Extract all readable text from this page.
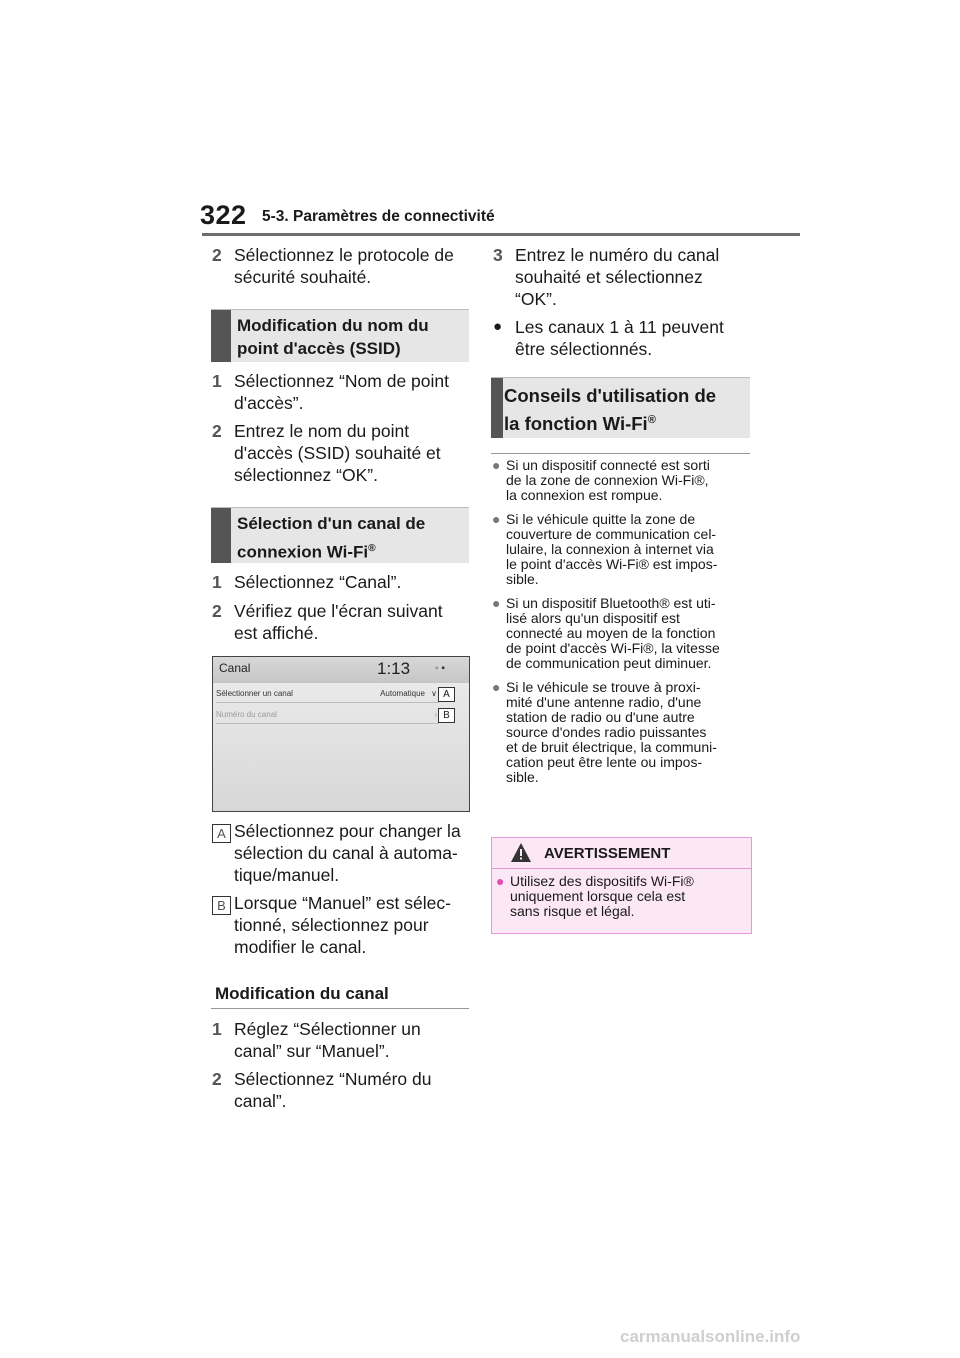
322 5-3. Paramètres de connectivité
2 Sélectionnez le protocole de
sécurité souhaité.
Modification du nom du
point d'accès (SSID)
1 Sélectionnez “Nom de point
d'accès”.
2 Entrez le nom du point
d'accès (SSID) souhaité et
sélectionnez “OK”.
Sélection d'un canal de
connexion Wi-Fi®
1 Sélectionnez “Canal”.
2 Vérifiez que l'écran suivant
est affiché.
Canal	1:13 ◦ ▪
Sélectionner un canal	Automatique ∨
Numéro du canal	›
A
B
A Sélectionnez pour changer la
sélection du canal à automa-
tique/manuel.
B Lorsque “Manuel” est sélec-
tionné, sélectionnez pour
modifier le canal.
Modification du canal
1 Réglez “Sélectionner un
canal” sur “Manuel”.
2 Sélectionnez “Numéro du
canal”.
3 Entrez le numéro du canal
souhaité et sélectionnez
“OK”.
● Les canaux 1 à 11 peuvent
être sélectionnés.
Conseils d'utilisation de
la fonction Wi-Fi®
● Si un dispositif connecté est sorti
de la zone de connexion Wi-Fi®,
la connexion est rompue.
● Si le véhicule quitte la zone de
couverture de communication cel-
lulaire, la connexion à internet via
le point d'accès Wi-Fi® est impos-
sible.
● Si un dispositif Bluetooth® est uti-
lisé alors qu'un dispositif est
connecté au moyen de la fonction
de point d'accès Wi-Fi®, la vitesse
de communication peut diminuer.
● Si le véhicule se trouve à proxi-
mité d'une antenne radio, d'une
station de radio ou d'une autre
source d'ondes radio puissantes
et de bruit électrique, la communi-
cation peut être lente ou impos-
sible.
AVERTISSEMENT
● Utilisez des dispositifs Wi-Fi®
uniquement lorsque cela est
sans risque et légal.
carmanualsonline.info
